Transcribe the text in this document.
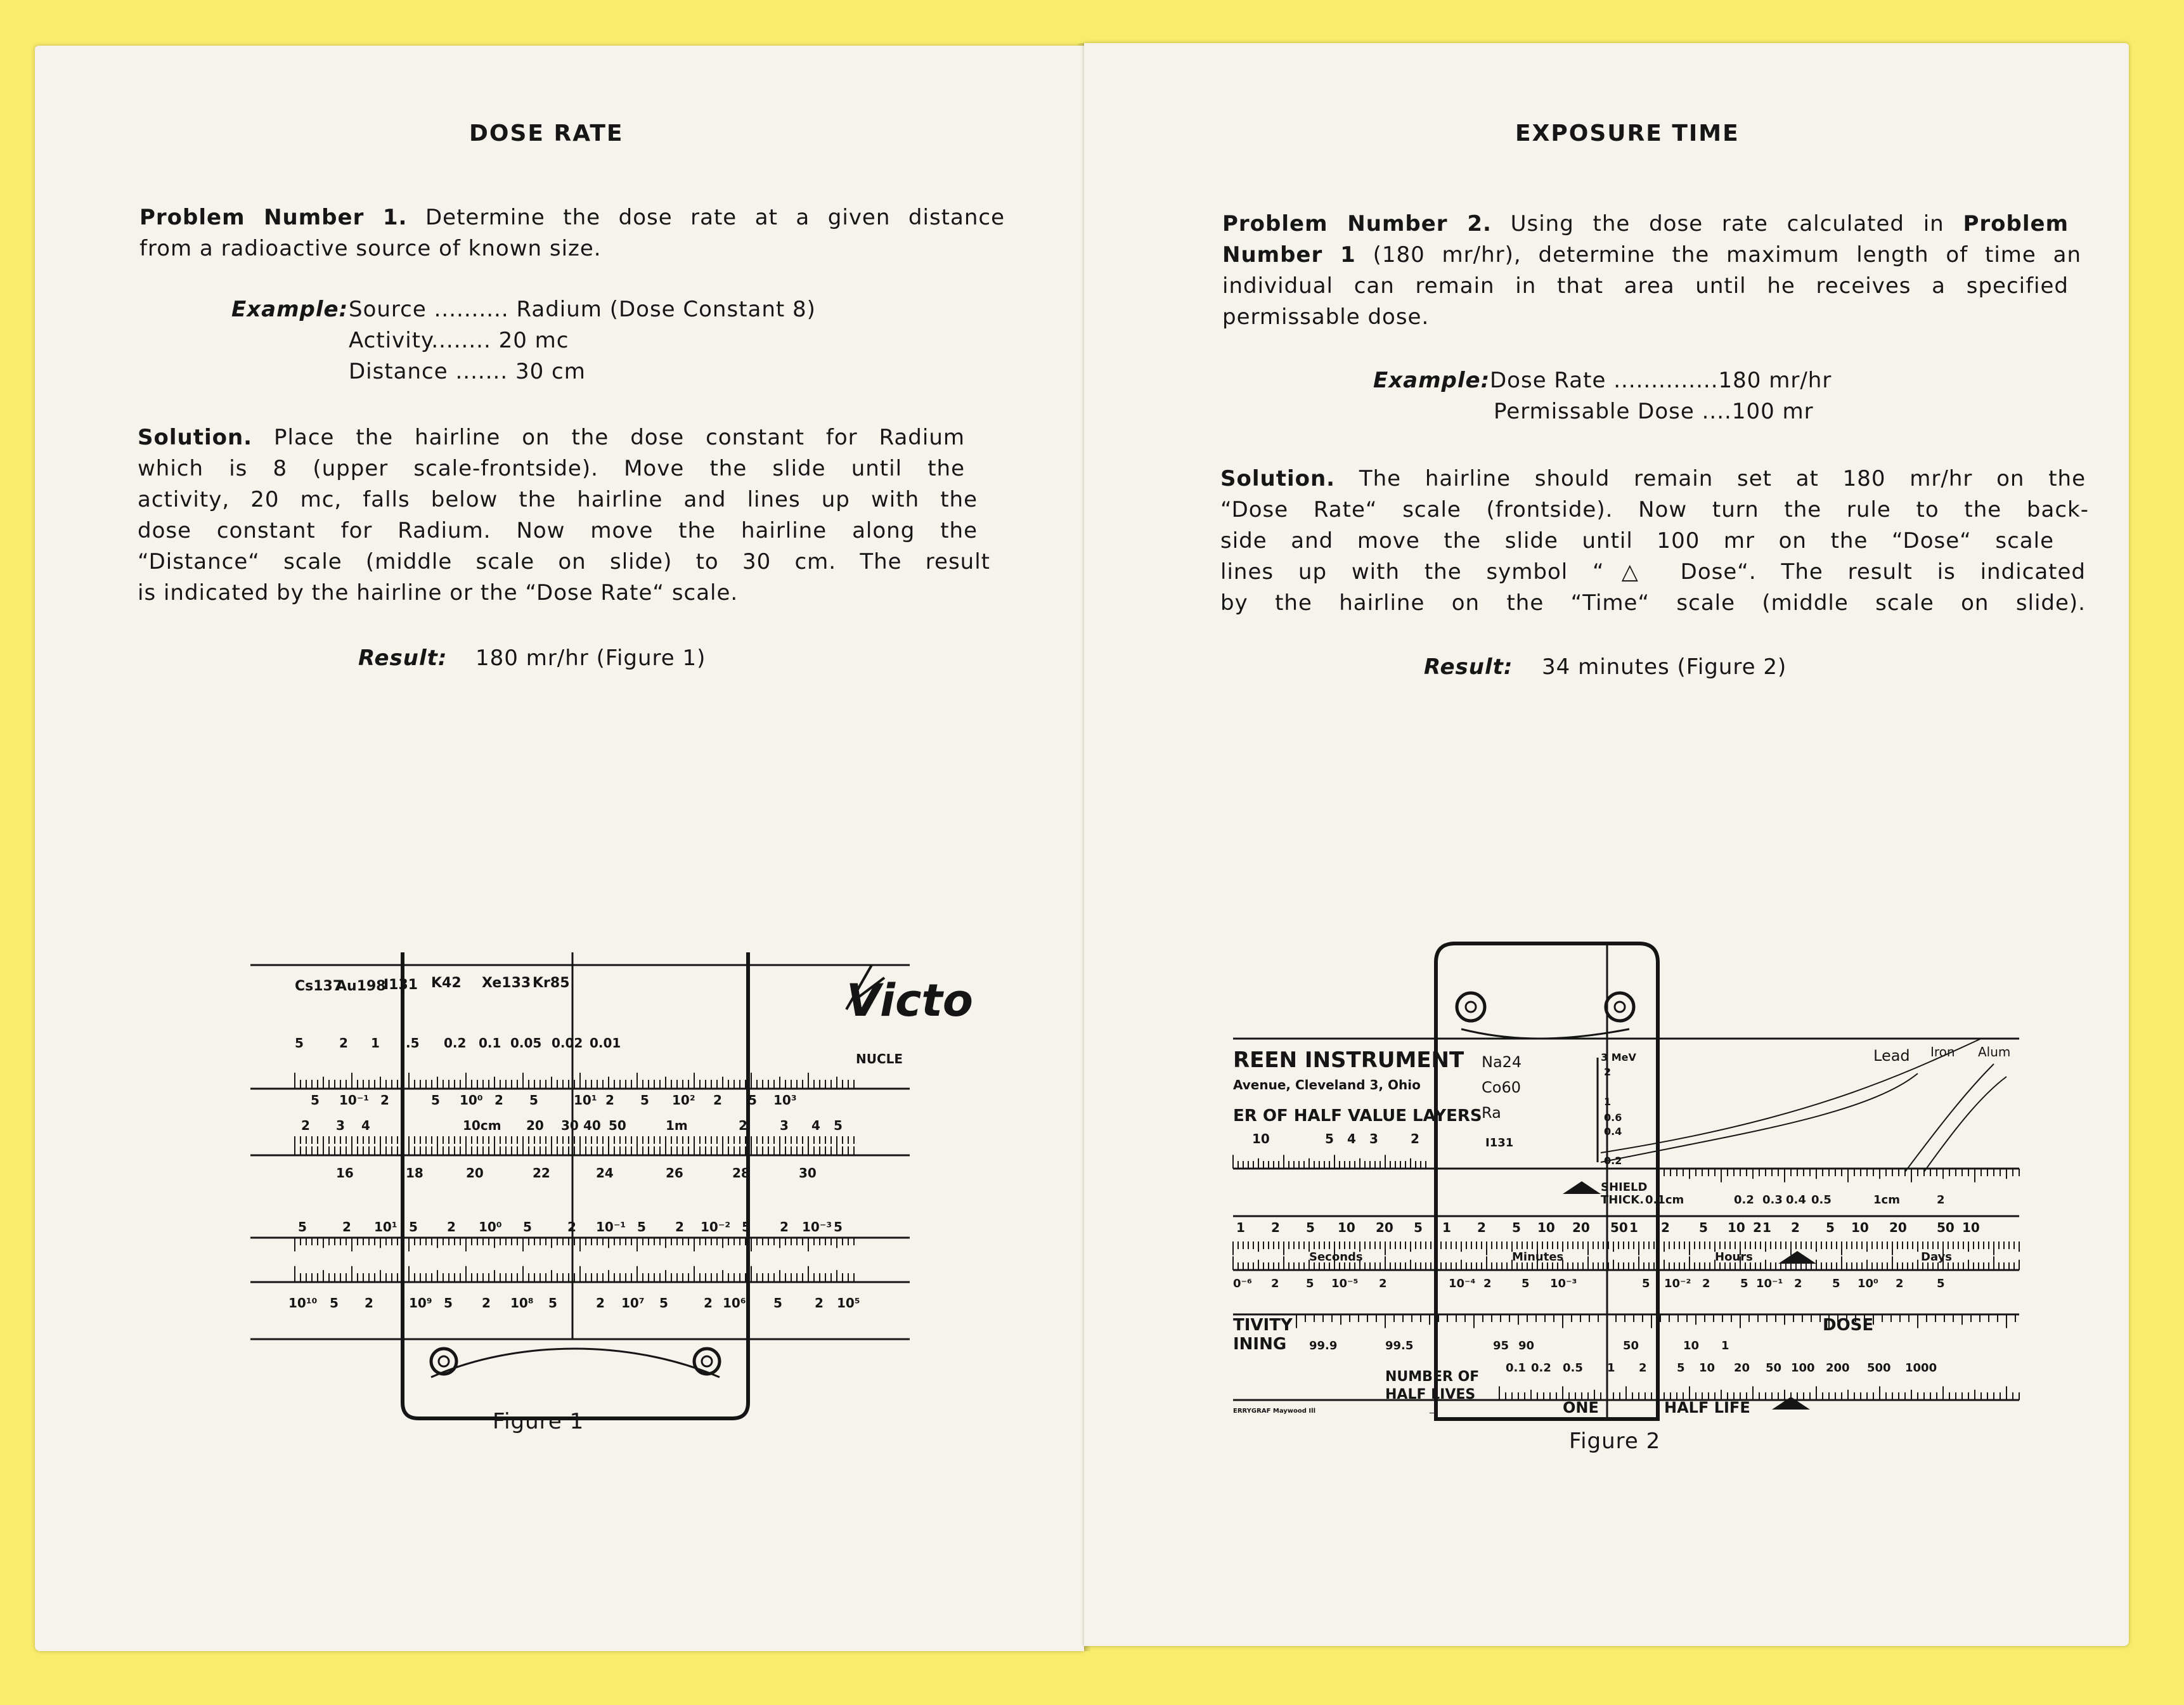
DOSE RATE
Problem Number 1. Determine the dose rate at a given distance
from a radioactive source of known size.
Example: Source .......... Radium (Dose Constant 8)
Activity........ 20 mc
Distance ....... 30 cm
Solution. Place the hairline on the dose constant for Radium
which is 8 (upper scale-frontside). Move the slide until the
activity, 20 mc, falls below the hairline and lines up with the
dose constant for Radium. Now move the hairline along the
“Distance“ scale (middle scale on slide) to 30 cm. The result
is indicated by the hairline or the “Dose Rate“ scale.
Result: 180 mr/hr (Figure 1)
Cs137
Au198
I131 K42 Xe133 Kr85	Victo
NUCLE
5	2 1 .5 0.2 0.1 0.05 0.02 0.01
5 10⁻¹ 2	5 10⁰ 2 5	10¹ 2 5 10² 2 5 10³
2 3 4	10cm 20 30 40 50	1m	2	3 4 5
16	18	20	22	24	26	28	30
5	2 10¹ 5 2 10⁰ 5	2 10⁻¹ 5 2 10⁻² 5 2 10⁻³ 5
10¹⁰ 5 2	10⁹ 5 2 10⁸ 5	2 10⁷ 5	2 10⁶ 5	2 10⁵
Figure 1
EXPOSURE TIME
Problem Number 2. Using the dose rate calculated in Problem
Number 1 (180 mr/hr), determine the maximum length of time an
individual can remain in that area until he receives a specified
permissable dose.
Example: Dose Rate ..............180 mr/hr
Permissable Dose ....100 mr
Solution. The hairline should remain set at 180 mr/hr on the
“Dose Rate“ scale (frontside). Now turn the rule to the back-
side and move the slide until 100 mr on the “Dose“ scale
lines up with the symbol “△ Dose“. The result is indicated
by the hairline on the “Time“ scale (middle scale on slide).
Result: 34 minutes (Figure 2)
REEN INSTRUMENT
Avenue, Cleveland 3, Ohio
ER OF HALF VALUE LAYERS
Na24
Co60
Ra
I131
3 MeV
2
1
0.6
0.4
0.2
Lead Iron Alum
10	5 4 3	2
SHIELD
THICK. 0.1cm	0.2 0.3 0.4 0.5	1cm	2
1 2 5 10 20 5 1 2 5 10 20 50 1 2 5 10 2 1 2 5 10 20 50 10
Seconds	Minutes	Hours	Days
0⁻⁶ 2 5 10⁻⁵ 2	10⁻⁴ 2	5 10⁻³	5 10⁻² 2	5 10⁻¹ 2	5 10⁰ 2	5
TIVITY
INING
DOSE
99.9	99.5	95 90	50	10 1
NUMBER OF
HALF LIVES
0.1 0.2 0.5 1 2	5 10 20 50 100 200 500 1000
ONE	HALF LIFE
ERRYGRAF Maywood Ill
Figure 2
